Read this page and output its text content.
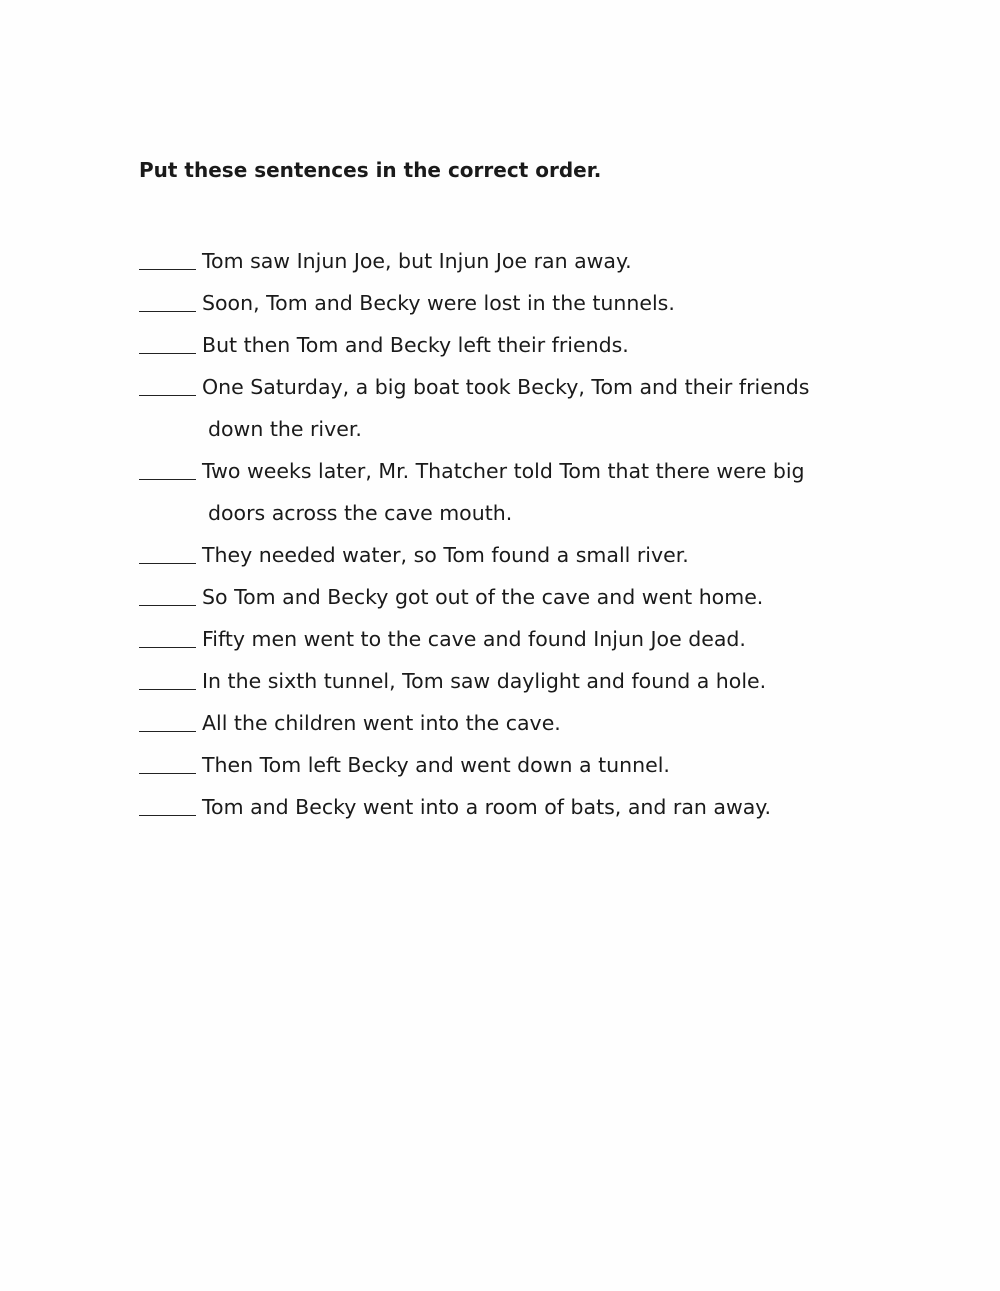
Put these sentences in the correct order.
Tom saw Injun Joe, but Injun Joe ran away.
Soon, Tom and Becky were lost in the tunnels.
But then Tom and Becky left their friends.
One Saturday, a big boat took Becky, Tom and their friends
down the river.
Two weeks later, Mr. Thatcher told Tom that there were big
doors across the cave mouth.
They needed water, so Tom found a small river.
So Tom and Becky got out of the cave and went home.
Fifty men went to the cave and found Injun Joe dead.
In the sixth tunnel, Tom saw daylight and found a hole.
All the children went into the cave.
Then Tom left Becky and went down a tunnel.
Tom and Becky went into a room of bats, and ran away.
